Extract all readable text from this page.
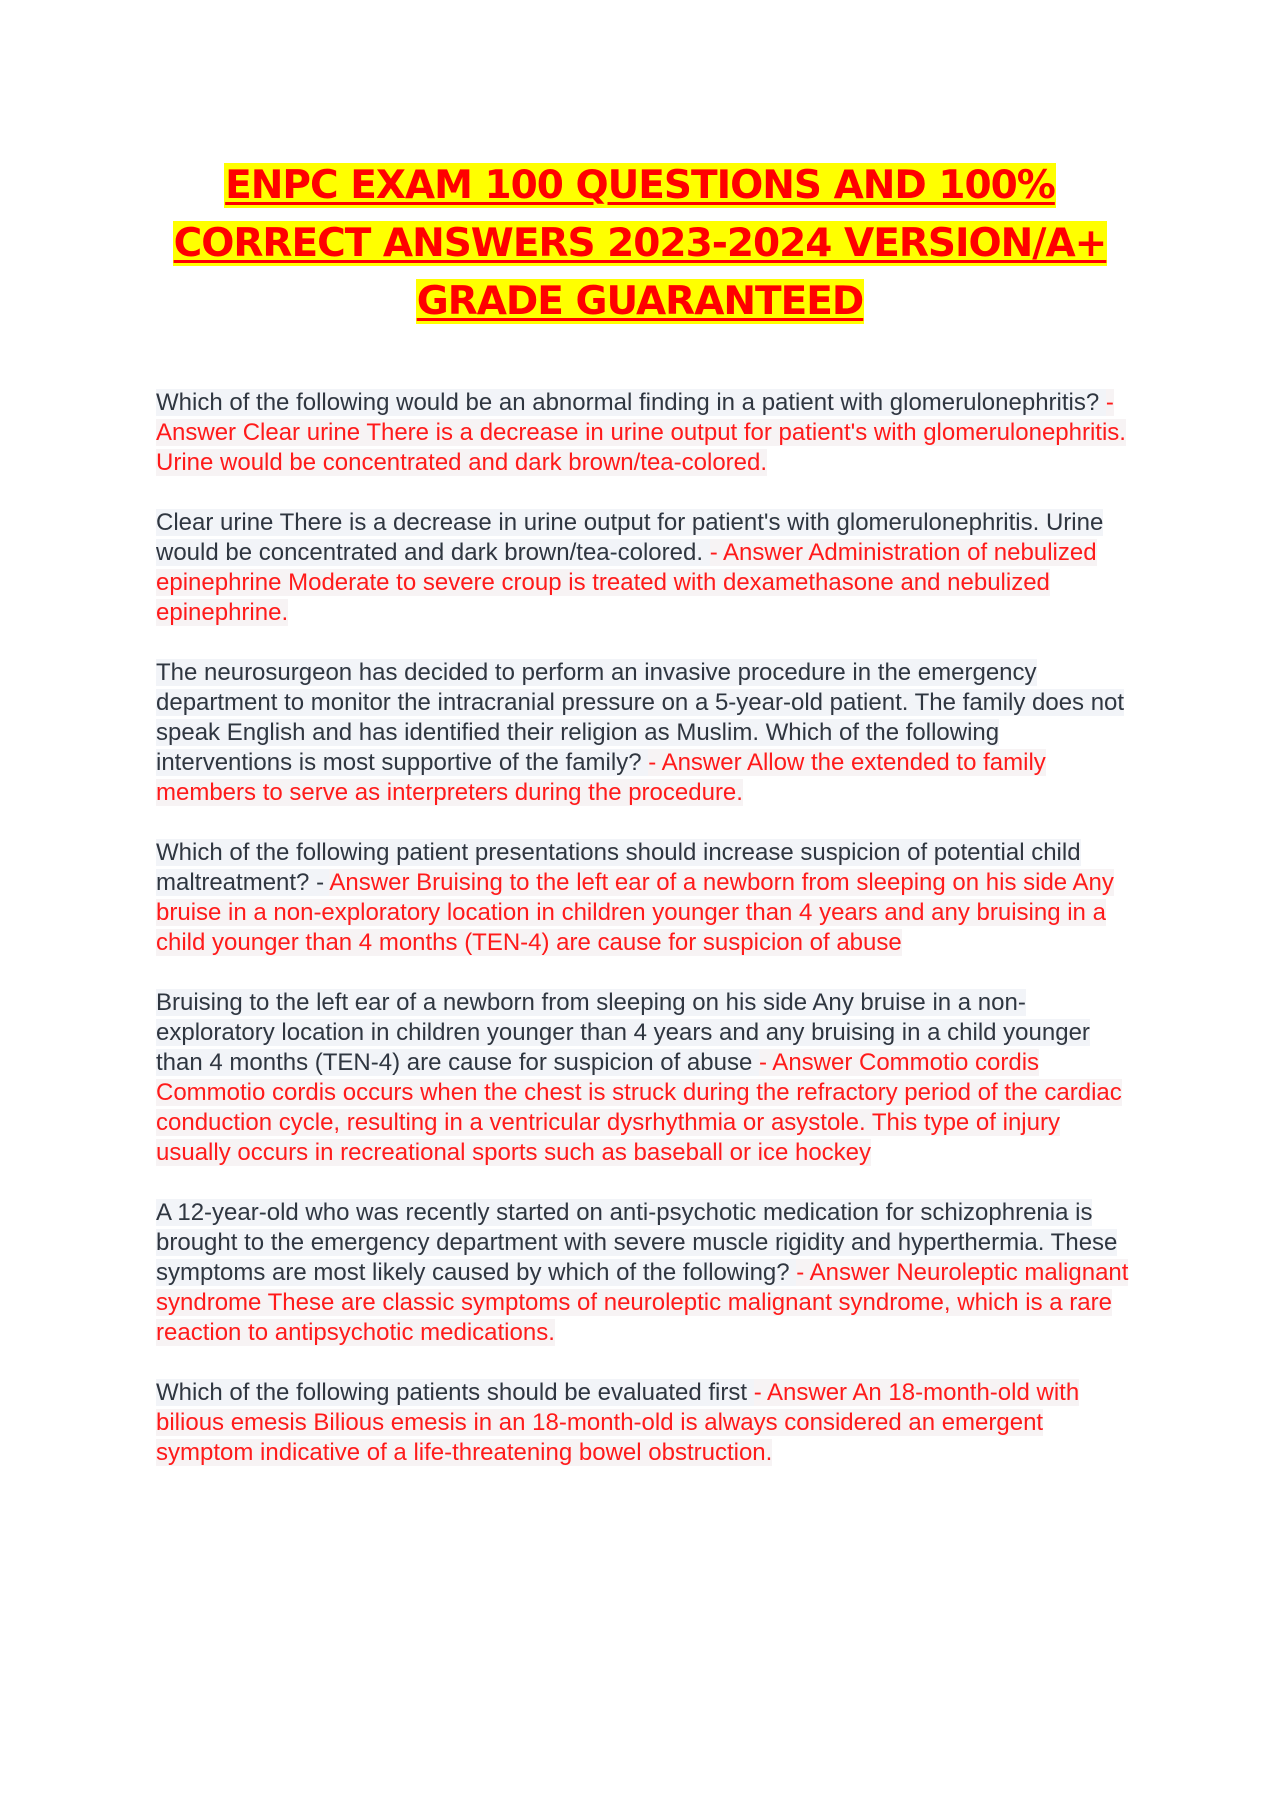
ENPC EXAM 100 QUESTIONS AND 100%
CORRECT ANSWERS 2023-2024 VERSION/A+
GRADE GUARANTEED

Which of the following would be an abnormal finding in a patient with glomerulonephritis? - Answer Clear urine There is a decrease in urine output for patient's with glomerulonephritis. Urine would be concentrated and dark brown/tea-colored.

Clear urine There is a decrease in urine output for patient's with glomerulonephritis. Urine would be concentrated and dark brown/tea-colored. - Answer Administration of nebulized epinephrine Moderate to severe croup is treated with dexamethasone and nebulized epinephrine.

The neurosurgeon has decided to perform an invasive procedure in the emergency department to monitor the intracranial pressure on a 5-year-old patient. The family does not speak English and has identified their religion as Muslim. Which of the following interventions is most supportive of the family? - Answer Allow the extended to family members to serve as interpreters during the procedure.

Which of the following patient presentations should increase suspicion of potential child maltreatment? - Answer Bruising to the left ear of a newborn from sleeping on his side Any bruise in a non-exploratory location in children younger than 4 years and any bruising in a child younger than 4 months (TEN-4) are cause for suspicion of abuse

Bruising to the left ear of a newborn from sleeping on his side Any bruise in a non-exploratory location in children younger than 4 years and any bruising in a child younger than 4 months (TEN-4) are cause for suspicion of abuse - Answer Commotio cordis Commotio cordis occurs when the chest is struck during the refractory period of the cardiac conduction cycle, resulting in a ventricular dysrhythmia or asystole. This type of injury usually occurs in recreational sports such as baseball or ice hockey

A 12-year-old who was recently started on anti-psychotic medication for schizophrenia is brought to the emergency department with severe muscle rigidity and hyperthermia. These symptoms are most likely caused by which of the following? - Answer Neuroleptic malignant syndrome These are classic symptoms of neuroleptic malignant syndrome, which is a rare reaction to antipsychotic medications.

Which of the following patients should be evaluated first - Answer An 18-month-old with bilious emesis Bilious emesis in an 18-month-old is always considered an emergent symptom indicative of a life-threatening bowel obstruction.
